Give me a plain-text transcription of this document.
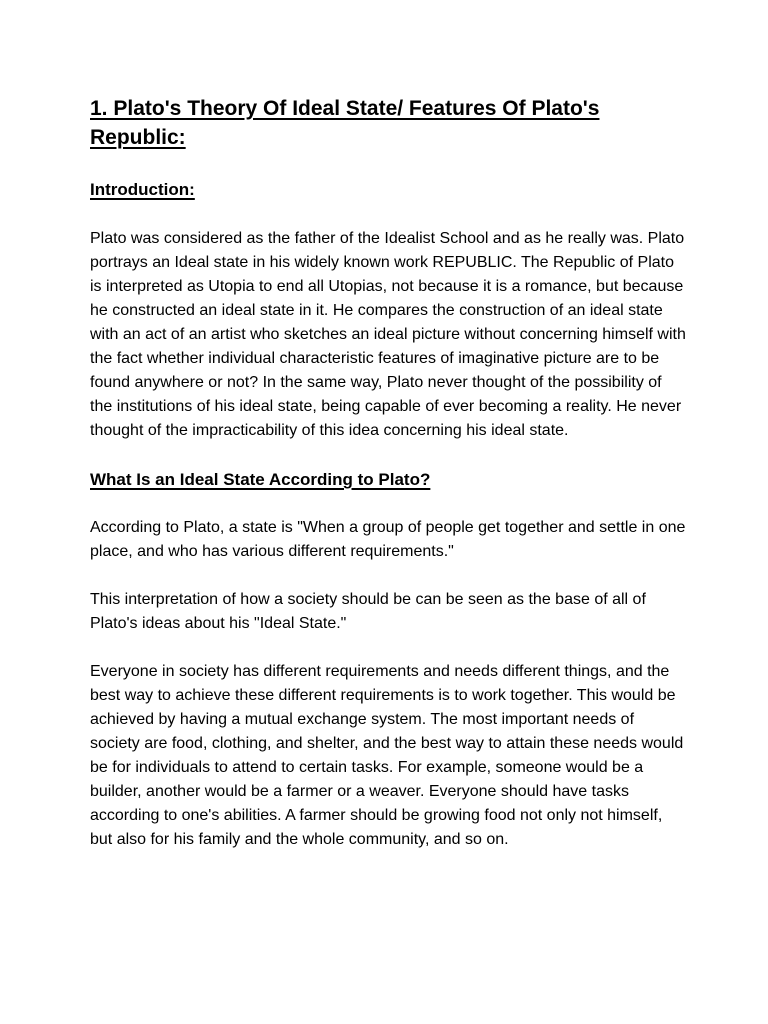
1. Plato's Theory Of Ideal State/ Features Of Plato's Republic:
Introduction:

Plato was considered as the father of the Idealist School and as he really was. Plato portrays an Ideal state in his widely known work REPUBLIC. The Republic of Plato is interpreted as Utopia to end all Utopias, not because it is a romance, but because he constructed an ideal state in it. He compares the construction of an ideal state with an act of an artist who sketches an ideal picture without concerning himself with the fact whether individual characteristic features of imaginative picture are to be found anywhere or not? In the same way, Plato never thought of the possibility of the institutions of his ideal state, being capable of ever becoming a reality. He never thought of the impracticability of this idea concerning his ideal state.

What Is an Ideal State According to Plato?

According to Plato, a state is "When a group of people get together and settle in one place, and who has various different requirements."

This interpretation of how a society should be can be seen as the base of all of Plato's ideas about his "Ideal State."

Everyone in society has different requirements and needs different things, and the best way to achieve these different requirements is to work together. This would be achieved by having a mutual exchange system. The most important needs of society are food, clothing, and shelter, and the best way to attain these needs would be for individuals to attend to certain tasks. For example, someone would be a builder, another would be a farmer or a weaver. Everyone should have tasks according to one's abilities. A farmer should be growing food not only not himself, but also for his family and the whole community, and so on.
